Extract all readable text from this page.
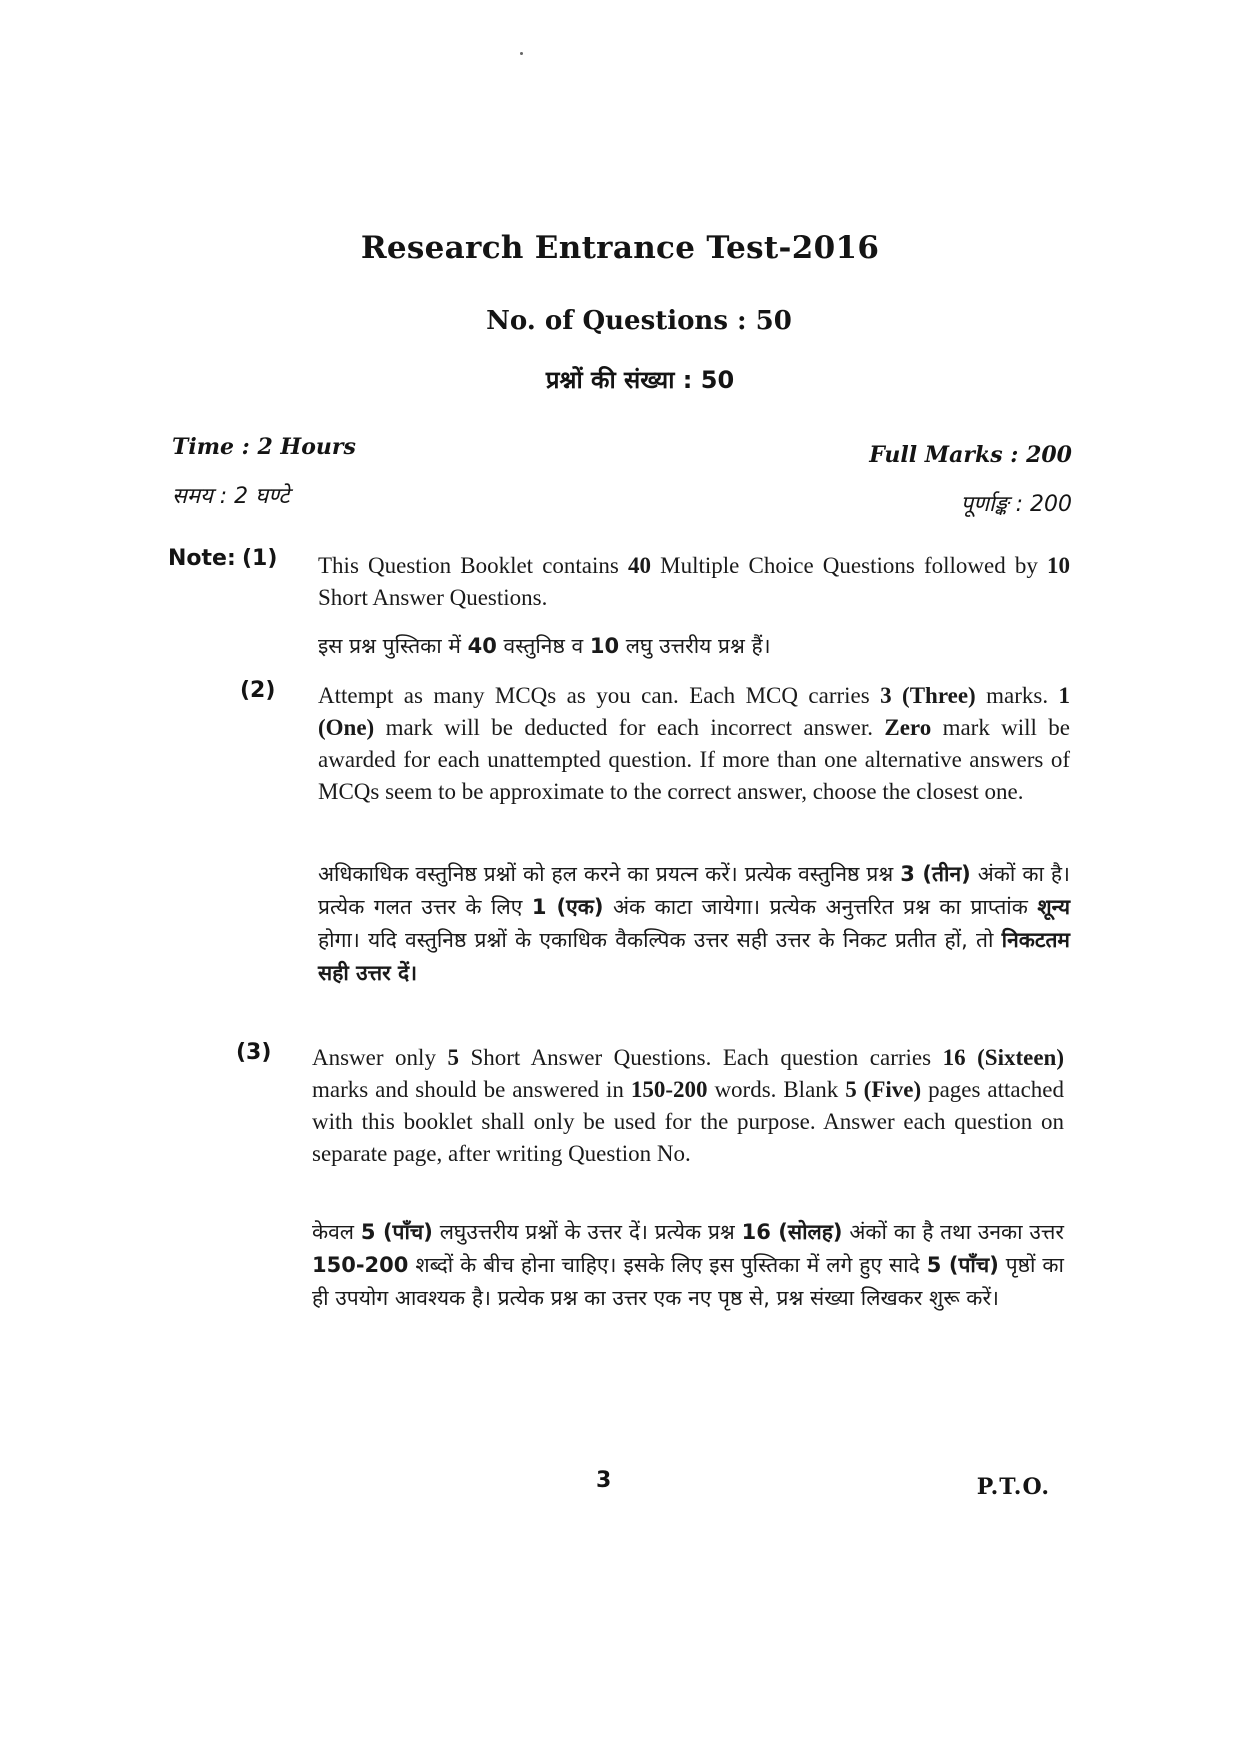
Research Entrance Test-2016
No. of Questions : 50
प्रश्नों की संख्या : 50
Time : 2 Hours
समय : 2 घण्टे
Full Marks : 200
पूर्णाङ्क : 200
Note: (1) This Question Booklet contains 40 Multiple Choice Questions followed by 10 Short Answer Questions.
इस प्रश्न पुस्तिका में 40 वस्तुनिष्ठ व 10 लघु उत्तरीय प्रश्न हैं।
(2) Attempt as many MCQs as you can. Each MCQ carries 3 (Three) marks. 1 (One) mark will be deducted for each incorrect answer. Zero mark will be awarded for each unattempted question. If more than one alternative answers of MCQs seem to be approximate to the correct answer, choose the closest one.
अधिकाधिक वस्तुनिष्ठ प्रश्नों को हल करने का प्रयत्न करें। प्रत्येक वस्तुनिष्ठ प्रश्न 3 (तीन) अंकों का है। प्रत्येक गलत उत्तर के लिए 1 (एक) अंक काटा जायेगा। प्रत्येक अनुत्तरित प्रश्न का प्राप्तांक शून्य होगा। यदि वस्तुनिष्ठ प्रश्नों के एकाधिक वैकल्पिक उत्तर सही उत्तर के निकट प्रतीत हों, तो निकटतम सही उत्तर दें।
(3) Answer only 5 Short Answer Questions. Each question carries 16 (Sixteen) marks and should be answered in 150-200 words. Blank 5 (Five) pages attached with this booklet shall only be used for the purpose. Answer each question on separate page, after writing Question No.
केवल 5 (पाँच) लघुउत्तरीय प्रश्नों के उत्तर दें। प्रत्येक प्रश्न 16 (सोलह) अंकों का है तथा उनका उत्तर 150-200 शब्दों के बीच होना चाहिए। इसके लिए इस पुस्तिका में लगे हुए सादे 5 (पाँच) पृष्ठों का ही उपयोग आवश्यक है। प्रत्येक प्रश्न का उत्तर एक नए पृष्ठ से, प्रश्न संख्या लिखकर शुरू करें।
3	P.T.O.
